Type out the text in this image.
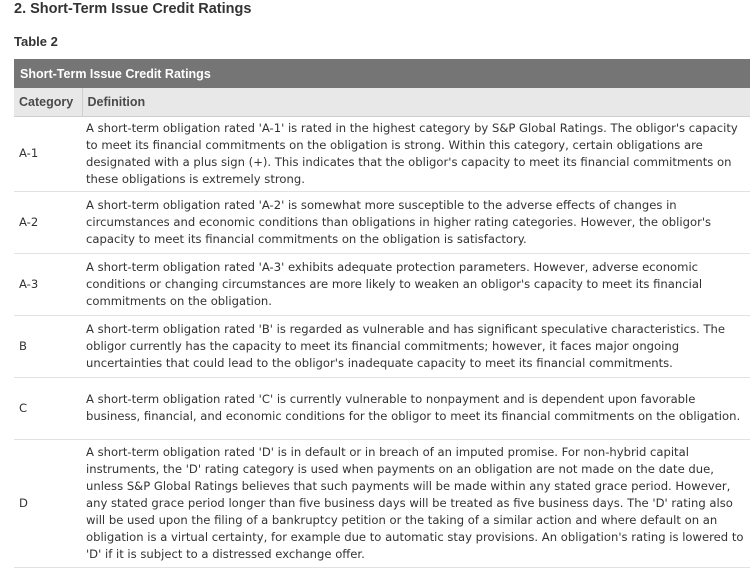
2. Short-Term Issue Credit Ratings
Table 2
Short-Term Issue Credit Ratings	
Category	Definition
A-1	A short-term obligation rated 'A-1' is rated in the highest category by S&P Global Ratings. The obligor's capacity to meet its financial commitments on the obligation is strong. Within this category, certain obligations are designated with a plus sign (+). This indicates that the obligor's capacity to meet its financial commitments on these obligations is extremely strong.
A-2	A short-term obligation rated 'A-2' is somewhat more susceptible to the adverse effects of changes in circumstances and economic conditions than obligations in higher rating categories. However, the obligor's capacity to meet its financial commitments on the obligation is satisfactory.
A-3	A short-term obligation rated 'A-3' exhibits adequate protection parameters. However, adverse economic conditions or changing circumstances are more likely to weaken an obligor's capacity to meet its financial commitments on the obligation.
B	A short-term obligation rated 'B' is regarded as vulnerable and has significant speculative characteristics. The obligor currently has the capacity to meet its financial commitments; however, it faces major ongoing uncertainties that could lead to the obligor's inadequate capacity to meet its financial commitments.
C	A short-term obligation rated 'C' is currently vulnerable to nonpayment and is dependent upon favorable business, financial, and economic conditions for the obligor to meet its financial commitments on the obligation.
D	A short-term obligation rated 'D' is in default or in breach of an imputed promise. For non-hybrid capital instruments, the 'D' rating category is used when payments on an obligation are not made on the date due, unless S&P Global Ratings believes that such payments will be made within any stated grace period. However, any stated grace period longer than five business days will be treated as five business days. The 'D' rating also will be used upon the filing of a bankruptcy petition or the taking of a similar action and where default on an obligation is a virtual certainty, for example due to automatic stay provisions. An obligation's rating is lowered to 'D' if it is subject to a distressed exchange offer.
